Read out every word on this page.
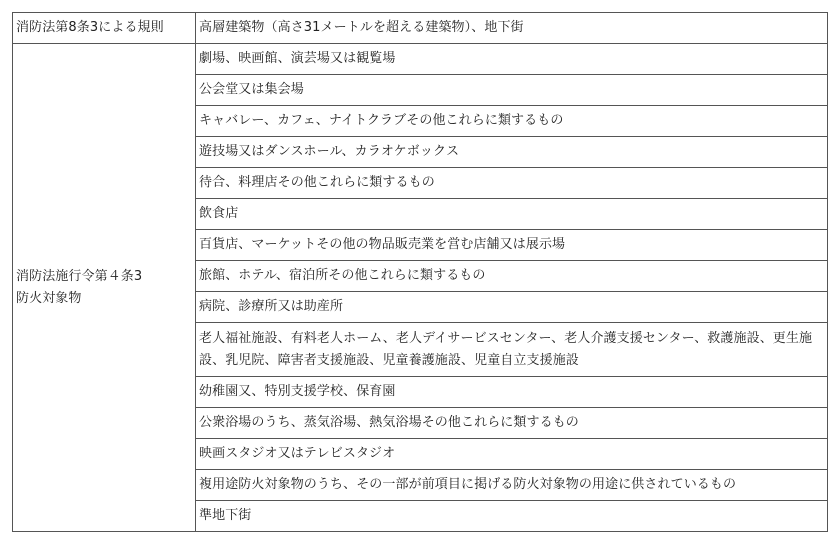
消防法第8条3による規則	高層建築物（高さ31メートルを超える建築物）、地下街

消防法施行令第４条3
防火対象物	劇場、映画館、演芸場又は観覧場
	公会堂又は集会場
	キャバレー、カフェ、ナイトクラブその他これらに類するもの
	遊技場又はダンスホール、カラオケボックス
	待合、料理店その他これらに類するもの
	飲食店
	百貨店、マーケットその他の物品販売業を営む店舗又は展示場
	旅館、ホテル、宿泊所その他これらに類するもの
	病院、診療所又は助産所
	老人福祉施設、有料老人ホーム、老人デイサービスセンター、老人介護支援センター、救護施設、更生施設、乳児院、障害者支援施設、児童養護施設、児童自立支援施設
	幼稚園又、特別支援学校、保育園
	公衆浴場のうち、蒸気浴場、熱気浴場その他これらに類するもの
	映画スタジオ又はテレビスタジオ
	複用途防火対象物のうち、その一部が前項目に掲げる防火対象物の用途に供されているもの
	準地下街
